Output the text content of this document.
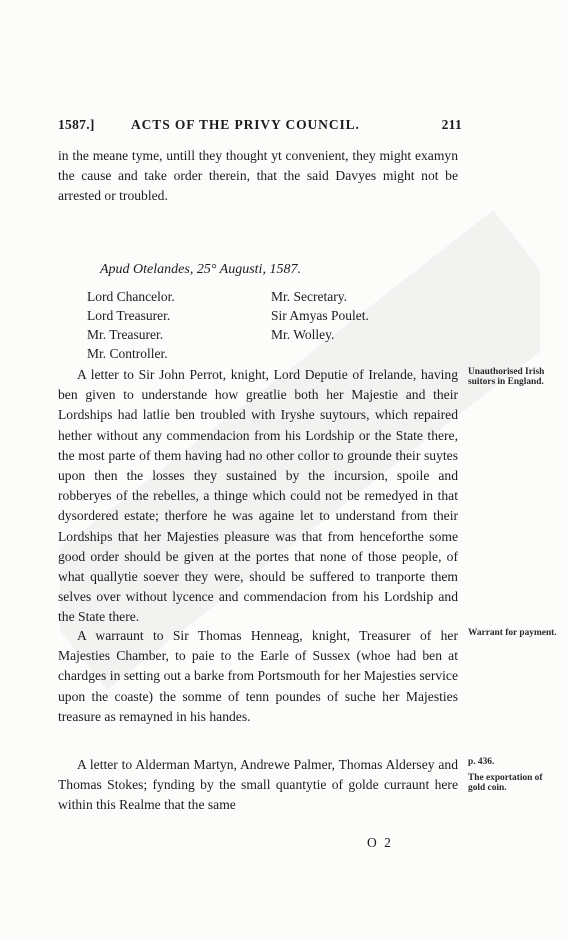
1587.]	ACTS OF THE PRIVY COUNCIL.	211

in the meane tyme, untill they thought yt convenient, they might examyn the cause and take order therein, that the said Davyes might not be arrested or troubled.

Apud Otelandes, 25° Augusti, 1587.
Lord Chancelor.
Lord Treasurer.
Mr. Treasurer.
Mr. Controller.
Mr. Secretary.
Sir Amyas Poulet.
Mr. Wolley.

A letter to Sir John Perrot, knight, Lord Deputie of Irelande, having ben given to understande how greatlie both her Majestie and their Lordships had latlie ben troubled with Iryshe suytours, which repaired hether without any commendacion from his Lordship or the State there, the most parte of them having had no other collor to grounde their suytes upon then the losses they sustained by the incursion, spoile and robberyes of the rebelles, a thinge which could not be remedyed in that dysordered estate; therfore he was againe let to understand from their Lordships that her Majesties pleasure was that from henceforthe some good order should be given at the portes that none of those people, of what quallytie soever they were, should be suffered to tranporte them selves over without lycence and commendacion from his Lordship and the State there.

Unauthorised Irish suitors in England.

A warraunt to Sir Thomas Henneag, knight, Treasurer of her Majesties Chamber, to paie to the Earle of Sussex (whoe had ben at chardges in setting out a barke from Portsmouth for her Majesties service upon the coaste) the somme of tenn poundes of suche her Majesties treasure as remayned in his handes.

Warrant for payment.

A letter to Alderman Martyn, Andrewe Palmer, Thomas Aldersey and Thomas Stokes; fynding by the small quantytie of golde curraunt here within this Realme that the same

p. 436.
The exportation of gold coin.
O 2
